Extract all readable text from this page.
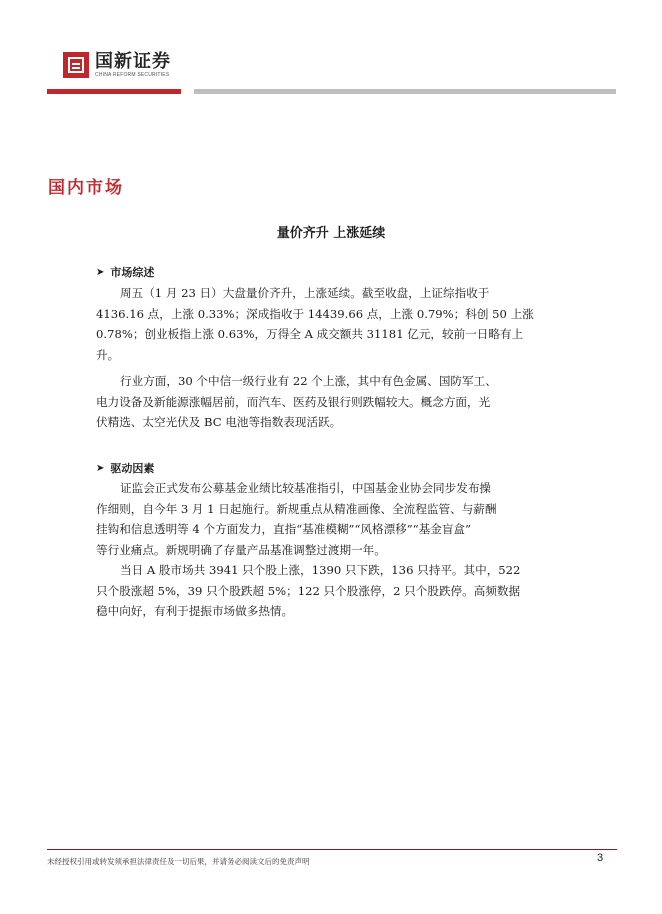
国新证券
CHINA REFORM SECURITIES
国内市场
量价齐升 上涨延续
➤ 市场综述
周五（1 月 23 日）大盘量价齐升，上涨延续。截至收盘，上证综指收于
4136.16 点，上涨 0.33%；深成指收于 14439.66 点，上涨 0.79%；科创 50 上涨
0.78%；创业板指上涨 0.63%，万得全 A 成交额共 31181 亿元，较前一日略有上
升。
行业方面，30 个中信一级行业有 22 个上涨，其中有色金属、国防军工、
电力设备及新能源涨幅居前，而汽车、医药及银行则跌幅较大。概念方面，光
伏精选、太空光伏及 BC 电池等指数表现活跃。
➤ 驱动因素
证监会正式发布公募基金业绩比较基准指引，中国基金业协会同步发布操
作细则，自今年 3 月 1 日起施行。新规重点从精准画像、全流程监管、与薪酬
挂钩和信息透明等 4 个方面发力，直指“基准模糊”“风格漂移”“基金盲盒”
等行业痛点。新规明确了存量产品基准调整过渡期一年。
当日 A 股市场共 3941 只个股上涨，1390 只下跌，136 只持平。其中，522
只个股涨超 5%，39 只个股跌超 5%；122 只个股涨停，2 只个股跌停。高频数据
稳中向好，有利于提振市场做多热情。
未经授权引用或转发须承担法律责任及一切后果，并请务必阅读文后的免责声明	3
